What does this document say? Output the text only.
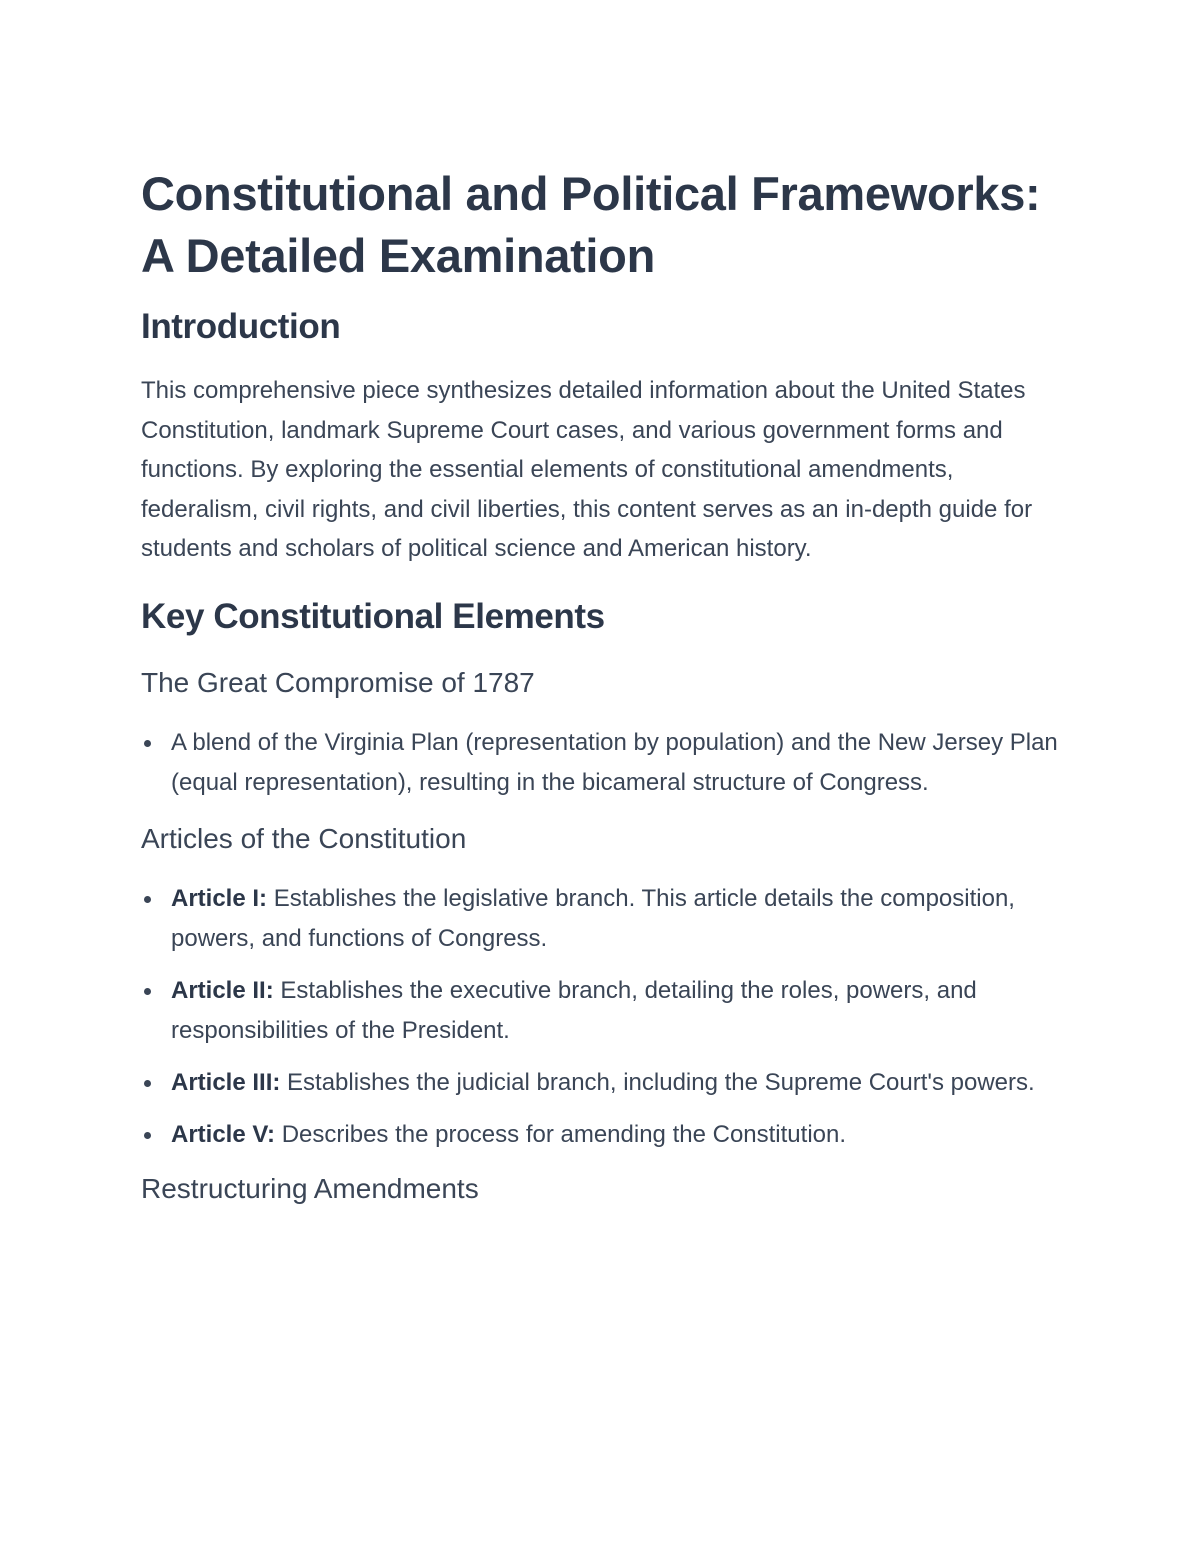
Constitutional and Political Frameworks: A Detailed Examination
Introduction

This comprehensive piece synthesizes detailed information about the United States Constitution, landmark Supreme Court cases, and various government forms and functions. By exploring the essential elements of constitutional amendments, federalism, civil rights, and civil liberties, this content serves as an in-depth guide for students and scholars of political science and American history.

Key Constitutional Elements
The Great Compromise of 1787
A blend of the Virginia Plan (representation by population) and the New Jersey Plan (equal representation), resulting in the bicameral structure of Congress.
Articles of the Constitution
Article I: Establishes the legislative branch. This article details the composition, powers, and functions of Congress.
Article II: Establishes the executive branch, detailing the roles, powers, and responsibilities of the President.
Article III: Establishes the judicial branch, including the Supreme Court's powers.
Article V: Describes the process for amending the Constitution.
Restructuring Amendments
